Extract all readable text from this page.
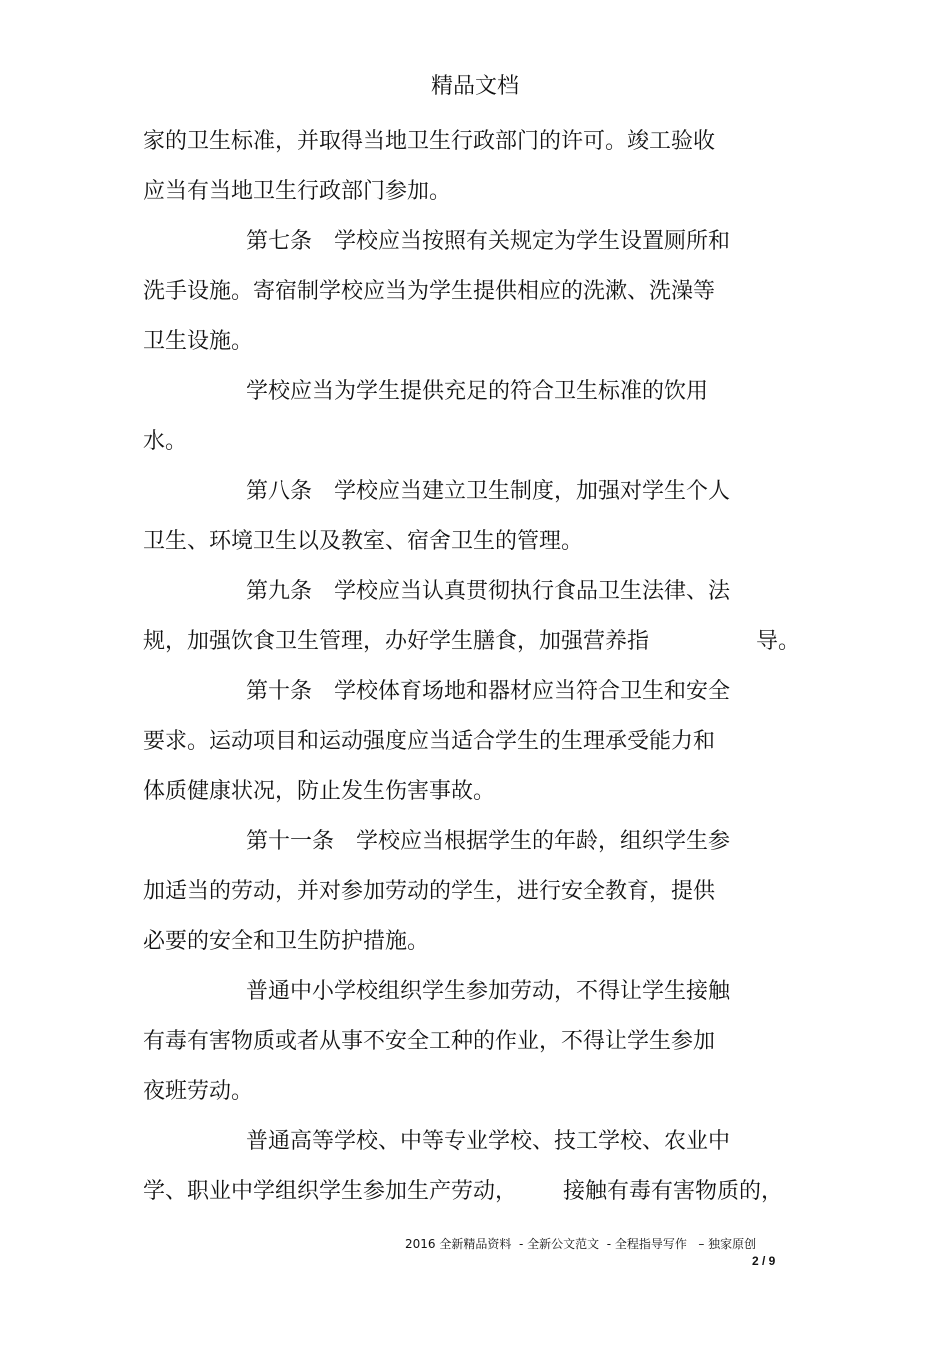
精品文档
家的卫生标准，并取得当地卫生行政部门的许可。竣工验收
应当有当地卫生行政部门参加。
第七条　学校应当按照有关规定为学生设置厕所和
洗手设施。寄宿制学校应当为学生提供相应的洗漱、洗澡等
卫生设施。
学校应当为学生提供充足的符合卫生标准的饮用
水。
第八条　学校应当建立卫生制度，加强对学生个人
卫生、环境卫生以及教室、宿舍卫生的管理。
第九条　学校应当认真贯彻执行食品卫生法律、法
规，加强饮食卫生管理，办好学生膳食，加强营养指	导。
第十条　学校体育场地和器材应当符合卫生和安全
要求。运动项目和运动强度应当适合学生的生理承受能力和
体质健康状况，防止发生伤害事故。
第十一条　学校应当根据学生的年龄，组织学生参
加适当的劳动，并对参加劳动的学生，进行安全教育，提供
必要的安全和卫生防护措施。
普通中小学校组织学生参加劳动，不得让学生接触
有毒有害物质或者从事不安全工种的作业，不得让学生参加
夜班劳动。
普通高等学校、中等专业学校、技工学校、农业中
学、职业中学组织学生参加生产劳动， 接触有毒有害物质的，
2016 全新精品资料  - 全新公文范文  - 全程指导写作   – 独家原创
2 / 9
